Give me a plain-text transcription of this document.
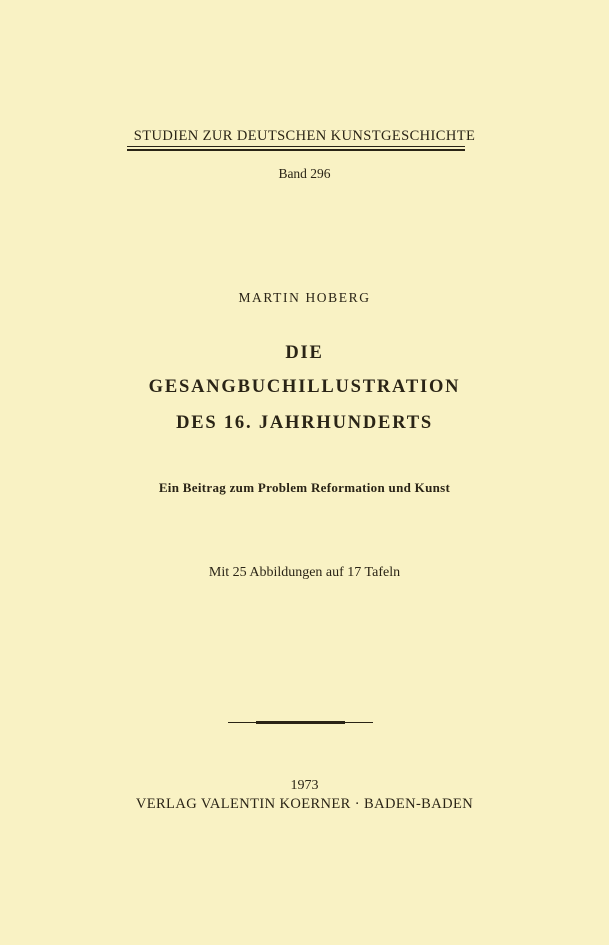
STUDIEN ZUR DEUTSCHEN KUNSTGESCHICHTE
Band 296
MARTIN HOBERG
DIE
GESANGBUCHILLUSTRATION
DES 16. JAHRHUNDERTS
Ein Beitrag zum Problem Reformation und Kunst
Mit 25 Abbildungen auf 17 Tafeln
1973
VERLAG VALENTIN KOERNER · BADEN-BADEN
